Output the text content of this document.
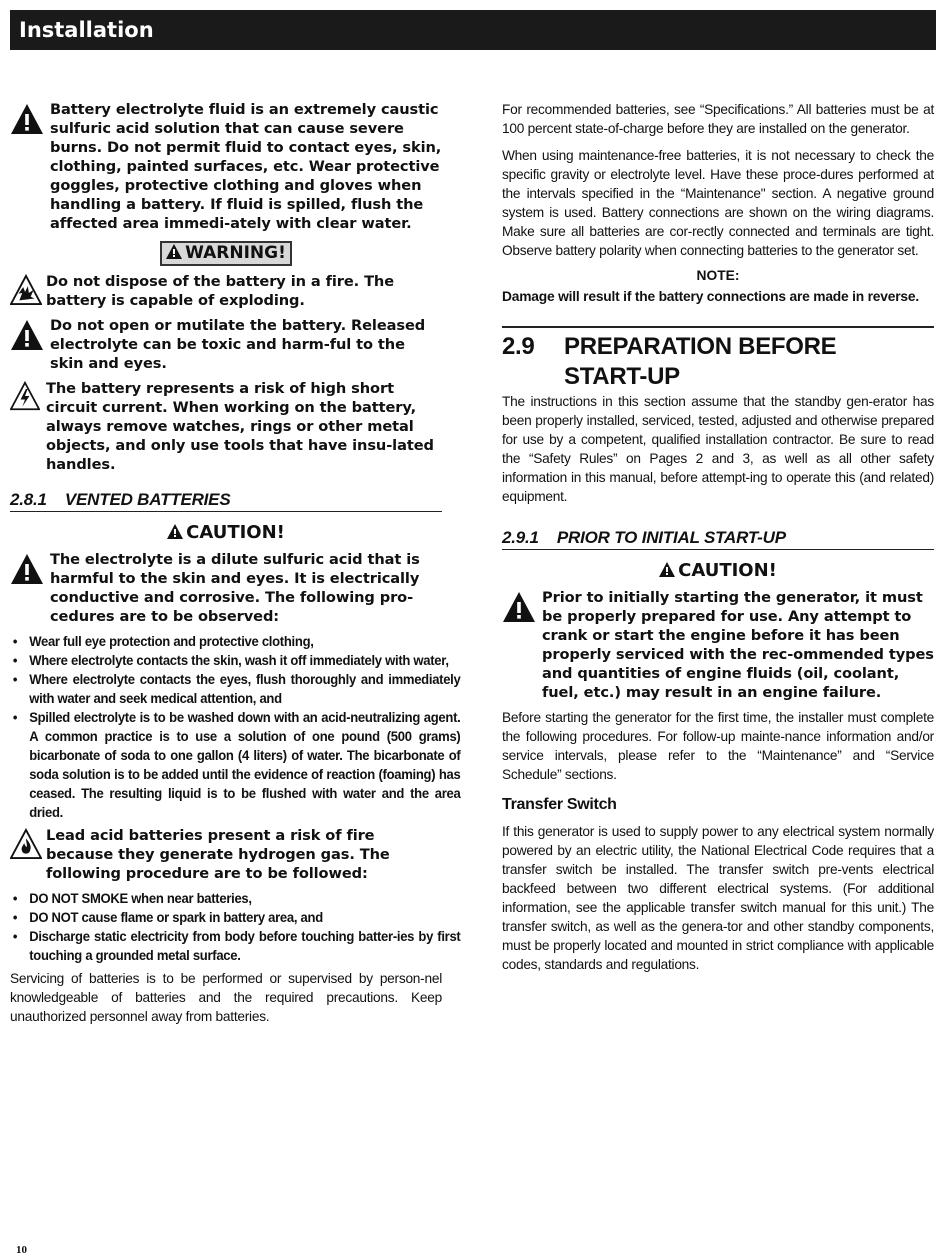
Installation
Battery electrolyte fluid is an extremely caustic sulfuric acid solution that can cause severe burns. Do not permit fluid to contact eyes, skin, clothing, painted surfaces, etc. Wear protective goggles, protective clothing and gloves when handling a battery. If fluid is spilled, flush the affected area immedi-ately with clear water.
WARNING!
Do not dispose of the battery in a fire. The battery is capable of exploding.
Do not open or mutilate the battery. Released electrolyte can be toxic and harm-ful to the skin and eyes.
The battery represents a risk of high short circuit current. When working on the battery, always remove watches, rings or other metal objects, and only use tools that have insu-lated handles.
2.8.1    VENTED BATTERIES
CAUTION!
The electrolyte is a dilute sulfuric acid that is harmful to the skin and eyes. It is electrically conductive and corrosive. The following pro-cedures are to be observed:
• Wear full eye protection and protective clothing,
• Where electrolyte contacts the skin, wash it off immediately with water,
• Where electrolyte contacts the eyes, flush thoroughly and immediately with water and seek medical attention, and
• Spilled electrolyte is to be washed down with an acid-neutralizing agent. A common practice is to use a solution of one pound (500 grams) bicarbonate of soda to one gallon (4 liters) of water. The bicarbonate of soda solution is to be added until the evidence of reaction (foaming) has ceased. The resulting liquid is to be flushed with water and the area dried.
Lead acid batteries present a risk of fire because they generate hydrogen gas. The following procedure are to be followed:
• DO NOT SMOKE when near batteries,
• DO NOT cause flame or spark in battery area, and
• Discharge static electricity from body before touching batter-ies by first touching a grounded metal surface.

Servicing of batteries is to be performed or supervised by person-nel knowledgeable of batteries and the required precautions. Keep unauthorized personnel away from batteries.

For recommended batteries, see “Specifications.” All batteries must be at 100 percent state-of-charge before they are installed on the generator.

When using maintenance-free batteries, it is not necessary to check the specific gravity or electrolyte level. Have these proce-dures performed at the intervals specified in the “Maintenance" section. A negative ground system is used. Battery connections are shown on the wiring diagrams. Make sure all batteries are cor-rectly connected and terminals are tight. Observe battery polarity when connecting batteries to the generator set.

NOTE:

Damage will result if the battery connections are made in reverse.

2.9	PREPARATION BEFORE
START-UP

The instructions in this section assume that the standby gen-erator has been properly installed, serviced, tested, adjusted and otherwise prepared for use by a competent, qualified installation contractor. Be sure to read the “Safety Rules” on Pages 2 and 3, as well as all other safety information in this manual, before attempt-ing to operate this (and related) equipment.

2.9.1    PRIOR TO INITIAL START-UP
CAUTION!
Prior to initially starting the generator, it must be properly prepared for use. Any attempt to crank or start the engine before it has been properly serviced with the rec-ommended types and quantities of engine fluids (oil, coolant, fuel, etc.) may result in an engine failure.

Before starting the generator for the first time, the installer must complete the following procedures. For follow-up mainte-nance information and/or service intervals, please refer to the “Maintenance” and “Service Schedule” sections.

Transfer Switch

If this generator is used to supply power to any electrical system normally powered by an electric utility, the National Electrical Code requires that a transfer switch be installed. The transfer switch pre-vents electrical backfeed between two different electrical systems. (For additional information, see the applicable transfer switch manual for this unit.) The transfer switch, as well as the genera-tor and other standby components, must be properly located and mounted in strict compliance with applicable codes, standards and regulations.

10
